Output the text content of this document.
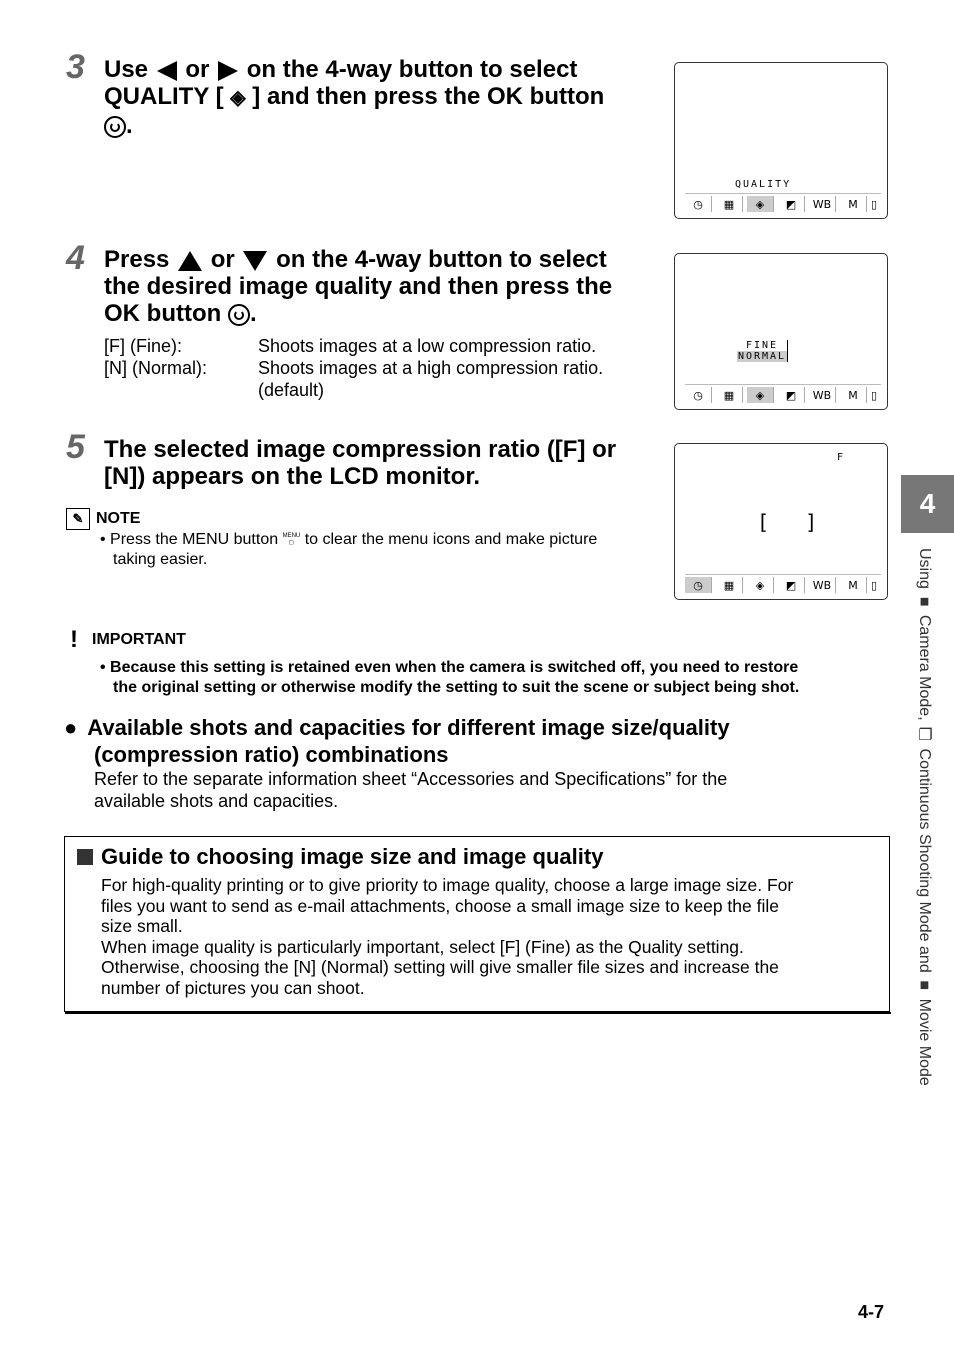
3 Use or on the 4-way button to select
QUALITY [ ◈ ] and then press the OK button
.
QUALITY
◷	▦	◈	◩	WB	M	▯
4 Press or on the 4-way button to select
the desired image quality and then press the
OK button .
[F] (Fine):	Shoots images at a low compression ratio.
[N] (Normal):	Shoots images at a high compression ratio.
(default)
FINE
NORMAL
◷	▦	◈	◩	WB	M	▯
5 The selected image compression ratio ([F] or
[N]) appears on the LCD monitor.
✎ NOTE
• Press the MENU button MENU
◻ to clear the menu icons and make picture
taking easier.
F
[   ]
◷	▦	◈	◩	WB	M	▯
! IMPORTANT
• Because this setting is retained even when the camera is switched off, you need to restore
the original setting or otherwise modify the setting to suit the scene or subject being shot.
● Available shots and capacities for different image size/quality
(compression ratio) combinations
Refer to the separate information sheet “Accessories and Specifications” for the
available shots and capacities.
Guide to choosing image size and image quality
For high-quality printing or to give priority to image quality, choose a large image size. For
files you want to send as e-mail attachments, choose a small image size to keep the file
size small.
When image quality is particularly important, select [F] (Fine) as the Quality setting.
Otherwise, choosing the [N] (Normal) setting will give smaller file sizes and increase the
number of pictures you can shoot.
4
Using ■ Camera Mode, ❐ Continuous Shooting Mode and ■ Movie Mode
4-7
